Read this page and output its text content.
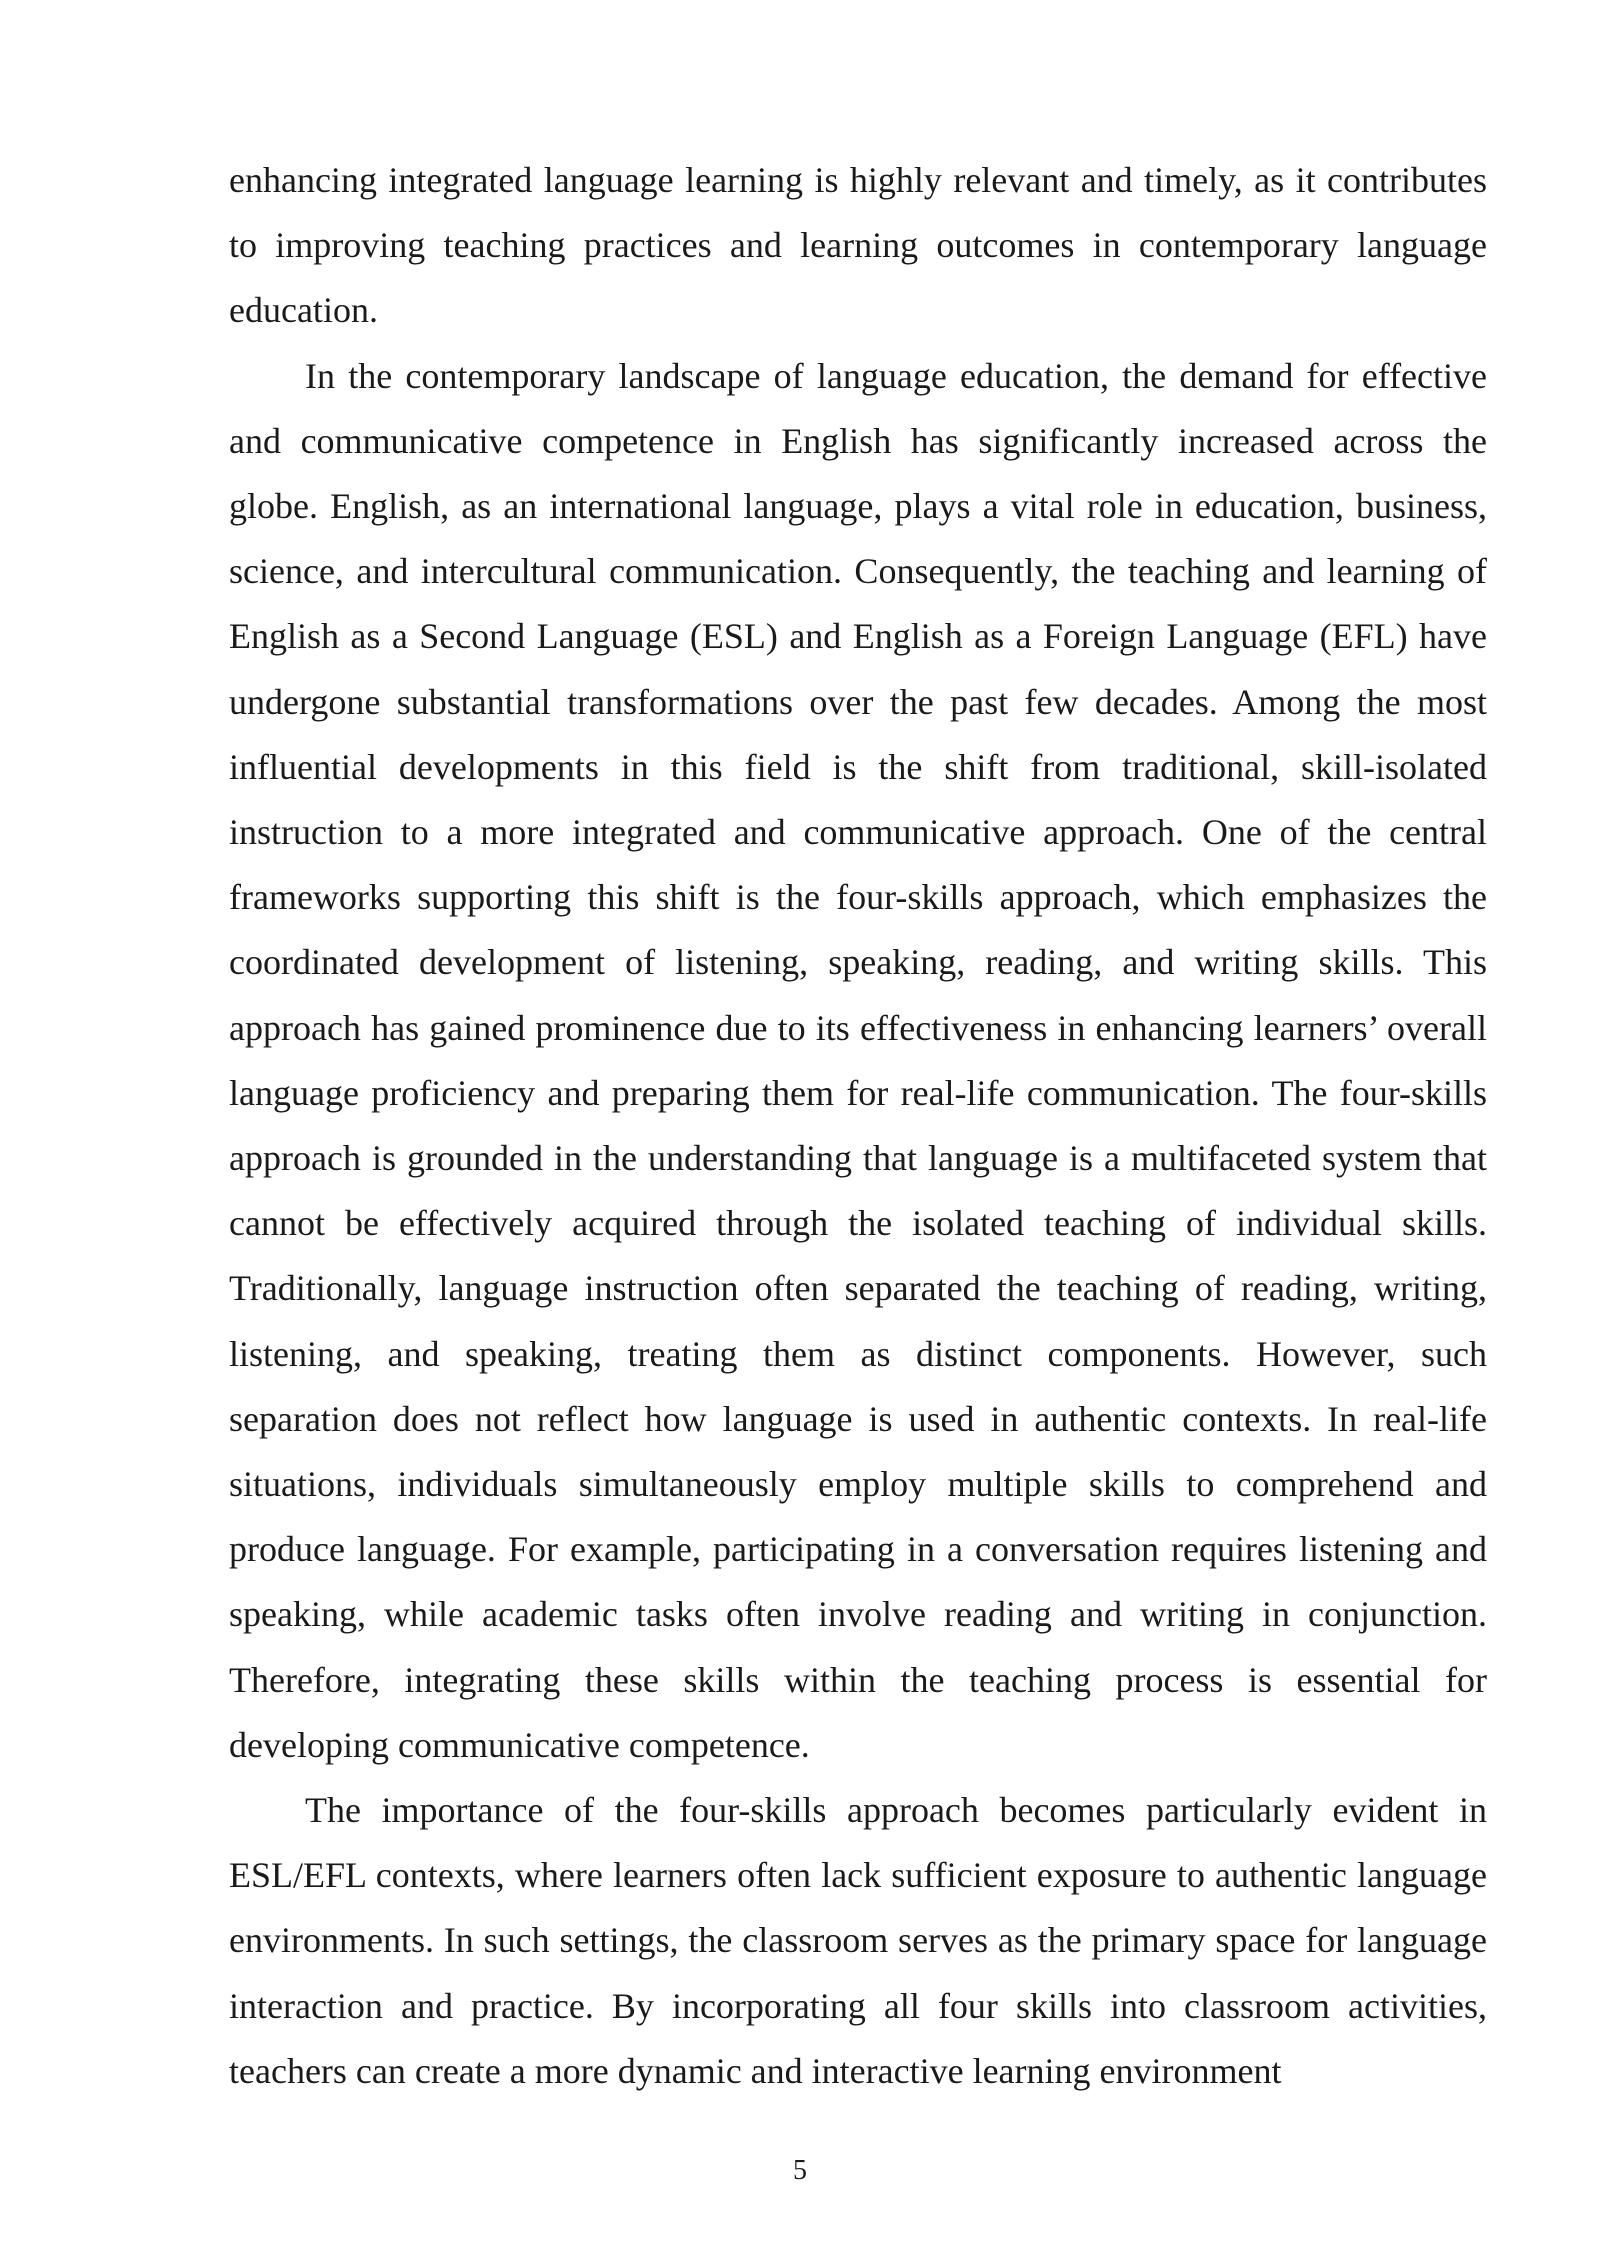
enhancing integrated language learning is highly relevant and timely, as it contributes to improving teaching practices and learning outcomes in contemporary language education.

In the contemporary landscape of language education, the demand for effective and communicative competence in English has significantly increased across the globe. English, as an international language, plays a vital role in education, business, science, and intercultural communication. Consequently, the teaching and learning of English as a Second Language (ESL) and English as a Foreign Language (EFL) have undergone substantial transformations over the past few decades. Among the most influential developments in this field is the shift from traditional, skill-isolated instruction to a more integrated and communicative approach. One of the central frameworks supporting this shift is the four-skills approach, which emphasizes the coordinated development of listening, speaking, reading, and writing skills. This approach has gained prominence due to its effectiveness in enhancing learners’ overall language proficiency and preparing them for real-life communication. The four-skills approach is grounded in the understanding that language is a multifaceted system that cannot be effectively acquired through the isolated teaching of individual skills. Traditionally, language instruction often separated the teaching of reading, writing, listening, and speaking, treating them as distinct components. However, such separation does not reflect how language is used in authentic contexts. In real-life situations, individuals simultaneously employ multiple skills to comprehend and produce language. For example, participating in a conversation requires listening and speaking, while academic tasks often involve reading and writing in conjunction. Therefore, integrating these skills within the teaching process is essential for developing communicative competence.

The importance of the four-skills approach becomes particularly evident in ESL/EFL contexts, where learners often lack sufficient exposure to authentic language environments. In such settings, the classroom serves as the primary space for language interaction and practice. By incorporating all four skills into classroom activities, teachers can create a more dynamic and interactive learning environment

5
